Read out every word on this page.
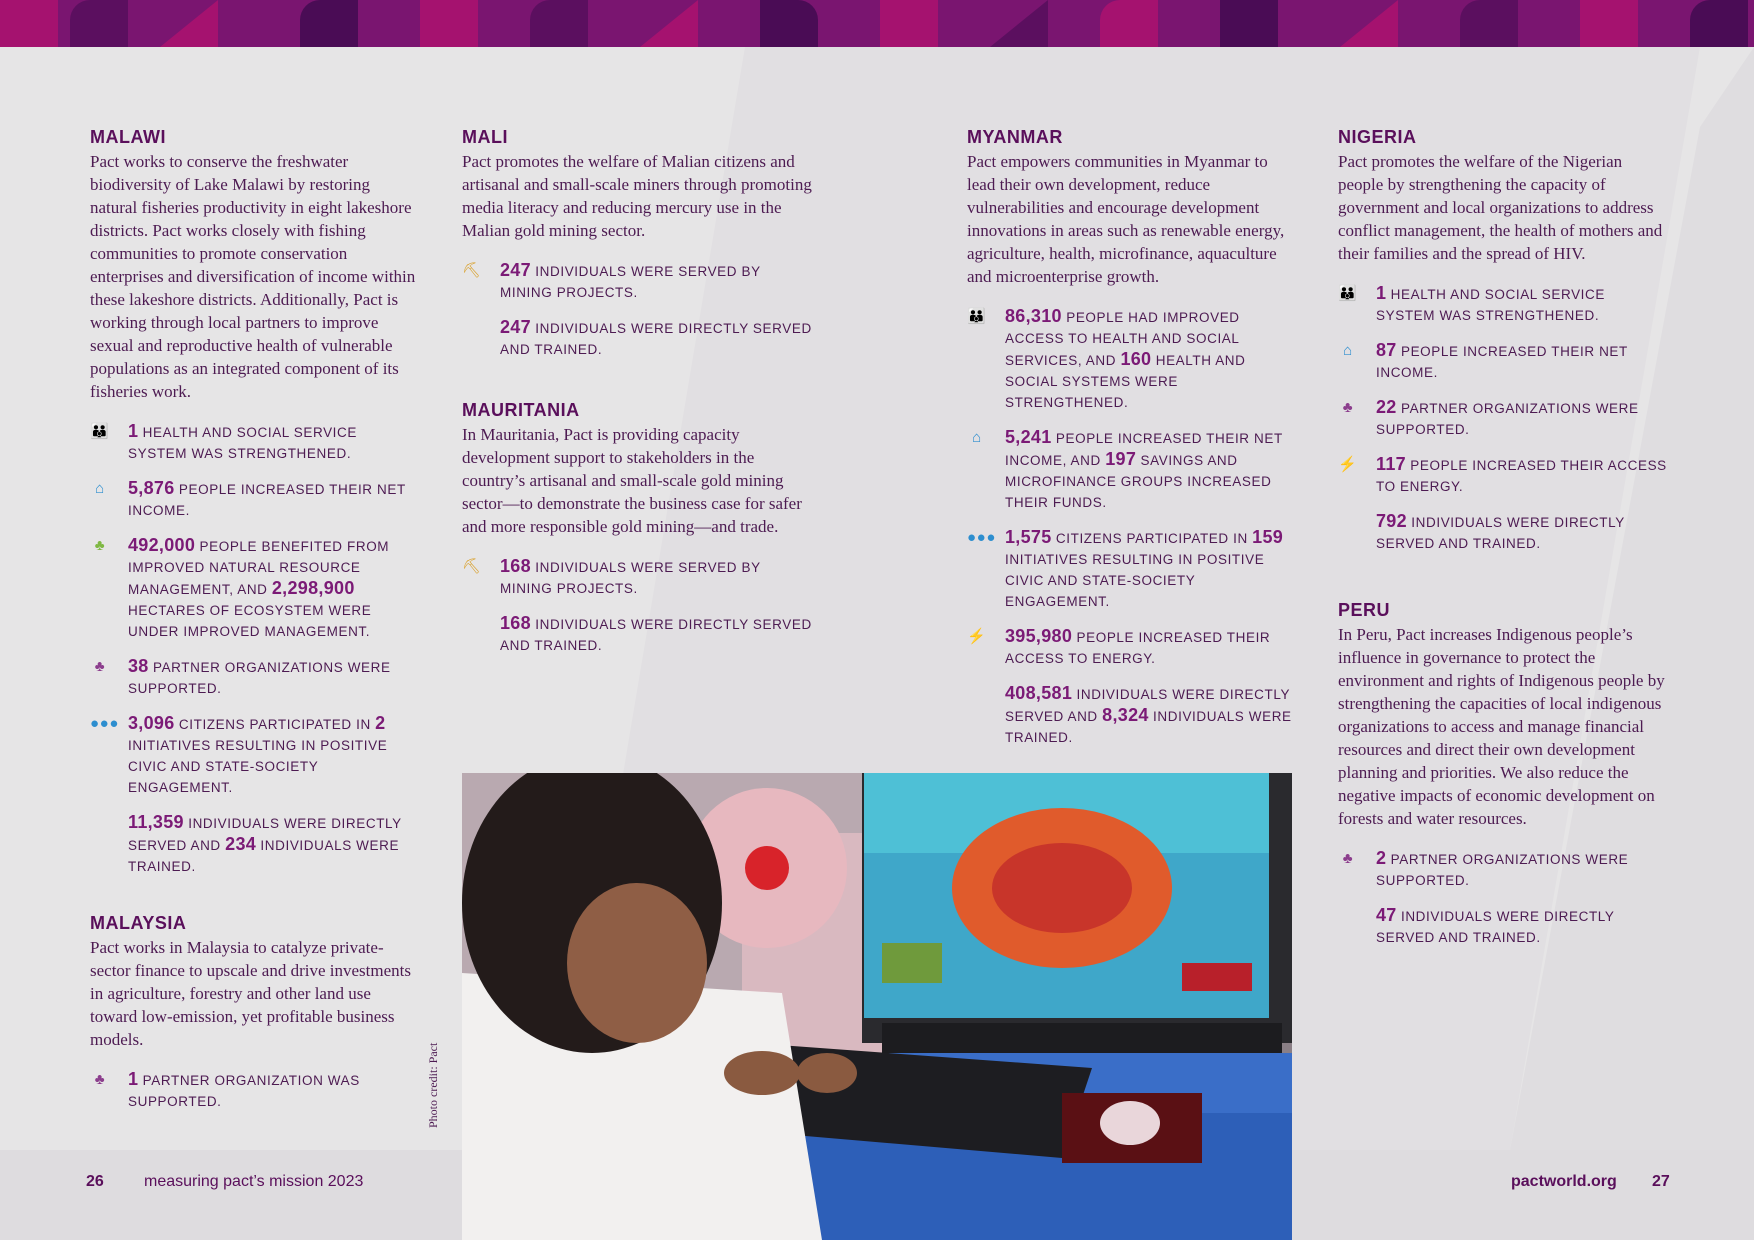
MALAWI

Pact works to conserve the freshwater biodiversity of Lake Malawi by restoring natural fisheries productivity in eight lakeshore districts. Pact works closely with fishing communities to promote conservation enterprises and diversification of income within these lakeshore districts. Additionally, Pact is working through local partners to improve sexual and reproductive health of vulnerable populations as an integrated component of its fisheries work.

👪 1 HEALTH AND SOCIAL SERVICE SYSTEM WAS STRENGTHENED.
⌂ 5,876 PEOPLE INCREASED THEIR NET INCOME.
♣ 492,000 PEOPLE BENEFITED FROM IMPROVED NATURAL RESOURCE MANAGEMENT, AND 2,298,900 HECTARES OF ECOSYSTEM WERE UNDER IMPROVED MANAGEMENT.
♣ 38 PARTNER ORGANIZATIONS WERE SUPPORTED.
●●● 3,096 CITIZENS PARTICIPATED IN 2 INITIATIVES RESULTING IN POSITIVE CIVIC AND STATE-SOCIETY ENGAGEMENT.
11,359 INDIVIDUALS WERE DIRECTLY SERVED AND 234 INDIVIDUALS WERE TRAINED.
MALAYSIA

Pact works in Malaysia to catalyze private-sector finance to upscale and drive investments in agriculture, forestry and other land use toward low-emission, yet profitable business models.

♣ 1 PARTNER ORGANIZATION WAS SUPPORTED.
MALI

Pact promotes the welfare of Malian citizens and artisanal and small-scale miners through promoting media literacy and reducing mercury use in the Malian gold mining sector.

⛏ 247 INDIVIDUALS WERE SERVED BY MINING PROJECTS.
247 INDIVIDUALS WERE DIRECTLY SERVED AND TRAINED.
MAURITANIA

In Mauritania, Pact is providing capacity development support to stakeholders in the country’s artisanal and small-scale gold mining sector—to demonstrate the business case for safer and more responsible gold mining—and trade.

⛏ 168 INDIVIDUALS WERE SERVED BY MINING PROJECTS.
168 INDIVIDUALS WERE DIRECTLY SERVED AND TRAINED.
MYANMAR

Pact empowers communities in Myanmar to lead their own development, reduce vulnerabilities and encourage development innovations in areas such as renewable energy, agriculture, health, microfinance, aquaculture and microenterprise growth.

👪 86,310 PEOPLE HAD IMPROVED ACCESS TO HEALTH AND SOCIAL SERVICES, AND 160 HEALTH AND SOCIAL SYSTEMS WERE STRENGTHENED.
⌂ 5,241 PEOPLE INCREASED THEIR NET INCOME, AND 197 SAVINGS AND MICROFINANCE GROUPS INCREASED THEIR FUNDS.
●●● 1,575 CITIZENS PARTICIPATED IN 159 INITIATIVES RESULTING IN POSITIVE CIVIC AND STATE-SOCIETY ENGAGEMENT.
⚡ 395,980 PEOPLE INCREASED THEIR ACCESS TO ENERGY.
408,581 INDIVIDUALS WERE DIRECTLY SERVED AND 8,324 INDIVIDUALS WERE TRAINED.
NIGERIA

Pact promotes the welfare of the Nigerian people by strengthening the capacity of government and local organizations to address conflict management, the health of mothers and their families and the spread of HIV.

👪 1 HEALTH AND SOCIAL SERVICE SYSTEM WAS STRENGTHENED.
⌂ 87 PEOPLE INCREASED THEIR NET INCOME.
♣ 22 PARTNER ORGANIZATIONS WERE SUPPORTED.
⚡ 117 PEOPLE INCREASED THEIR ACCESS TO ENERGY.
792 INDIVIDUALS WERE DIRECTLY SERVED AND TRAINED.
PERU

In Peru, Pact increases Indigenous people’s influence in governance to protect the environment and rights of Indigenous people by strengthening the capacities of local indigenous organizations to access and manage financial resources and direct their own development planning and priorities. We also reduce the negative impacts of economic development on forests and water resources.

♣ 2 PARTNER ORGANIZATIONS WERE SUPPORTED.
47 INDIVIDUALS WERE DIRECTLY SERVED AND TRAINED.
Photo credit: Pact
26	measuring pact’s mission 2023	pactworld.org 27
